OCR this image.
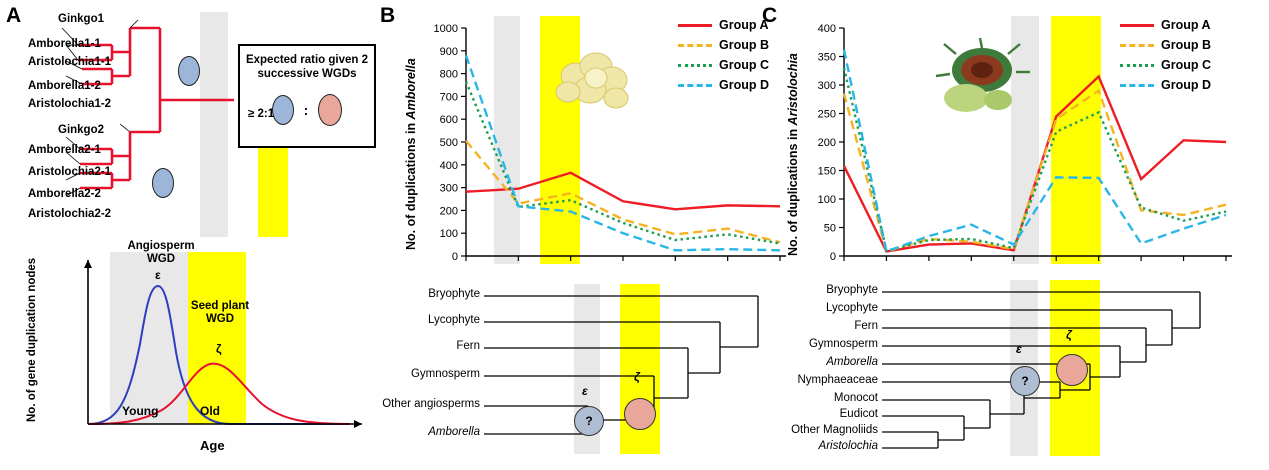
A	Ginkgo1
Amborella1-1
Aristolochia1-1
Amborella1-2
Aristolochia1-2
Ginkgo2
Amborella2-1
Aristolochia2-1
Amborella2-2
Aristolochia2-2
Expected ratio given 2 successive WGDs
:
≥ 2:1
Angiosperm WGD
ε
Seed plant WGD
ζ
Young	Old
Age
No. of gene duplication nodes
B
No. of duplications in Amborella
0
100
200
300
400
500
600
700
800
900
1000	Group A
Group B
Group C
Group D
Bryophyte
Lycophyte
Fern
Gymnosperm
Other angiosperms
Amborella
?
ε
ζ
C
No. of duplications in Aristolochia
0
50
100
150
200
250
300
350
400	Group A
Group B
Group C
Group D
Bryophyte
Lycophyte
Fern
Gymnosperm
Amborella
Nymphaeaceae
Monocot
Eudicot
Other Magnoliids
Aristolochia
?
ε
ζ
